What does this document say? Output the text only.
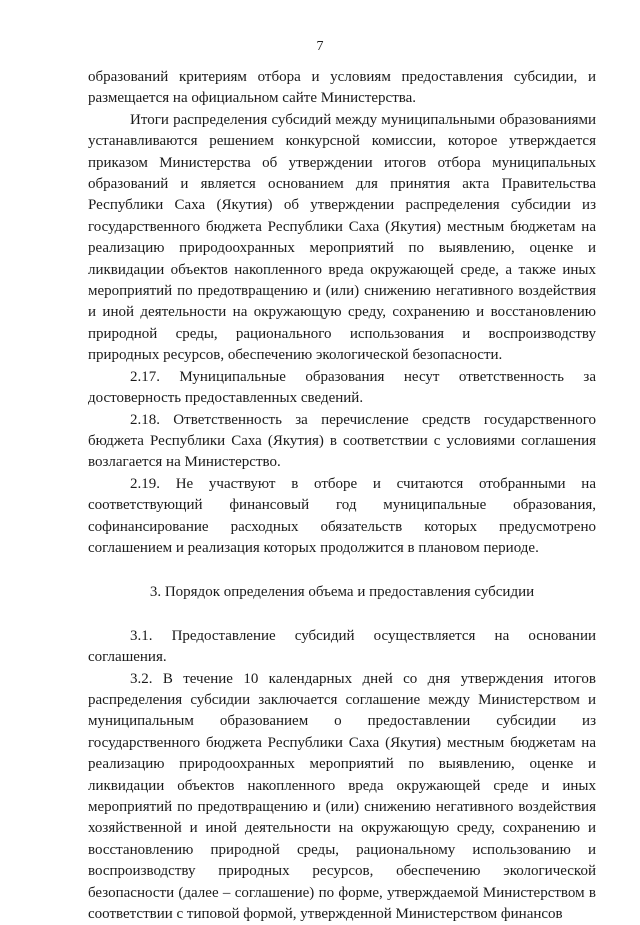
7

образований критериям отбора и условиям предоставления субсидии, и размещается на официальном сайте Министерства.

Итоги распределения субсидий между муниципальными образованиями устанавливаются решением конкурсной комиссии, которое утверждается приказом Министерства об утверждении итогов отбора муниципальных образований и является основанием для принятия акта Правительства Республики Саха (Якутия) об утверждении распределения субсидии из государственного бюджета Республики Саха (Якутия) местным бюджетам на реализацию природоохранных мероприятий по выявлению, оценке и ликвидации объектов накопленного вреда окружающей среде, а также иных мероприятий по предотвращению и (или) снижению негативного воздействия и иной деятельности на окружающую среду, сохранению и восстановлению природной среды, рационального использования и воспроизводству природных ресурсов, обеспечению экологической безопасности.

2.17. Муниципальные образования несут ответственность за достоверность предоставленных сведений.

2.18. Ответственность за перечисление средств государственного бюджета Республики Саха (Якутия) в соответствии с условиями соглашения возлагается на Министерство.

2.19. Не участвуют в отборе и считаются отобранными на соответствующий финансовый год муниципальные образования, софинансирование расходных обязательств которых предусмотрено соглашением и реализация которых продолжится в плановом периоде.

3. Порядок определения объема и предоставления субсидии

3.1. Предоставление субсидий осуществляется на основании соглашения.

3.2. В течение 10 календарных дней со дня утверждения итогов распределения субсидии заключается соглашение между Министерством и муниципальным образованием о предоставлении субсидии из государственного бюджета Республики Саха (Якутия) местным бюджетам на реализацию природоохранных мероприятий по выявлению, оценке и ликвидации объектов накопленного вреда окружающей среде и иных мероприятий по предотвращению и (или) снижению негативного воздействия хозяйственной и иной деятельности на окружающую среду, сохранению и восстановлению природной среды, рациональному использованию и воспроизводству природных ресурсов, обеспечению экологической безопасности (далее – соглашение) по форме, утверждаемой Министерством в соответствии с типовой формой, утвержденной Министерством финансов
